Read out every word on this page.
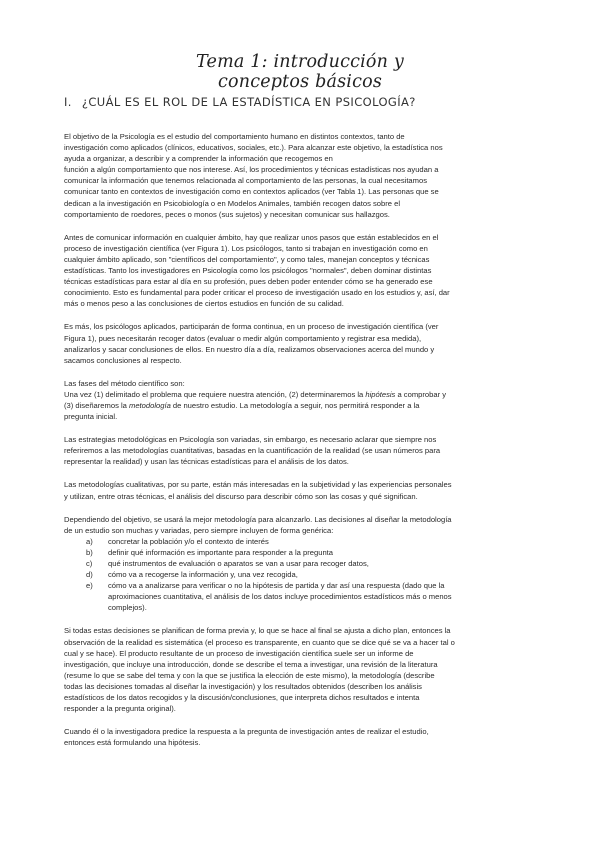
Tema 1: introducción y conceptos básicos
I. ¿CUÁL ES EL ROL DE LA ESTADÍSTICA EN PSICOLOGÍA?

El objetivo de la Psicología es el estudio del comportamiento humano en distintos contextos, tanto de
investigación como aplicados (clínicos, educativos, sociales, etc.). Para alcanzar este objetivo, la estadística nos
ayuda a organizar, a describir y a comprender la información que recogemos en
función a algún comportamiento que nos interese. Así, los procedimientos y técnicas estadísticas nos ayudan a
comunicar la información que tenemos relacionada al comportamiento de las personas, la cual necesitamos
comunicar tanto en contextos de investigación como en contextos aplicados (ver Tabla 1). Las personas que se
dedican a la investigación en Psicobiología o en Modelos Animales, también recogen datos sobre el
comportamiento de roedores, peces o monos (sus sujetos) y necesitan comunicar sus hallazgos.

Antes de comunicar información en cualquier ámbito, hay que realizar unos pasos que están establecidos en el
proceso de investigación científica (ver Figura 1). Los psicólogos, tanto si trabajan en investigación como en
cualquier ámbito aplicado, son "científicos del comportamiento", y como tales, manejan conceptos y técnicas
estadísticas. Tanto los investigadores en Psicología como los psicólogos "normales", deben dominar distintas
técnicas estadísticas para estar al día en su profesión, pues deben poder entender cómo se ha generado ese
conocimiento. Esto es fundamental para poder criticar el proceso de investigación usado en los estudios y, así, dar
más o menos peso a las conclusiones de ciertos estudios en función de su calidad.

Es más, los psicólogos aplicados, participarán de forma continua, en un proceso de investigación científica (ver
Figura 1), pues necesitarán recoger datos (evaluar o medir algún comportamiento y registrar esa medida),
analizarlos y sacar conclusiones de ellos. En nuestro día a día, realizamos observaciones acerca del mundo y
sacamos conclusiones al respecto.

Las fases del método científico son:
Una vez (1) delimitado el problema que requiere nuestra atención, (2) determinaremos la hipótesis a comprobar y
(3) diseñaremos la metodología de nuestro estudio. La metodología a seguir, nos permitirá responder a la
pregunta inicial.

Las estrategias metodológicas en Psicología son variadas, sin embargo, es necesario aclarar que siempre nos
referiremos a las metodologías cuantitativas, basadas en la cuantificación de la realidad (se usan números para
representar la realidad) y usan las técnicas estadísticas para el análisis de los datos.

Las metodologías cualitativas, por su parte, están más interesadas en la subjetividad y las experiencias personales
y utilizan, entre otras técnicas, el análisis del discurso para describir cómo son las cosas y qué significan.

Dependiendo del objetivo, se usará la mejor metodología para alcanzarlo. Las decisiones al diseñar la metodología
de un estudio son muchas y variadas, pero siempre incluyen de forma genérica:

a) concretar la población y/o el contexto de interés
b) definir qué información es importante para responder a la pregunta
c) qué instrumentos de evaluación o aparatos se van a usar para recoger datos,
d) cómo va a recogerse la información y, una vez recogida,
e) cómo va a analizarse para verificar o no la hipótesis de partida y dar así una respuesta (dado que la
aproximaciones cuantitativa, el análisis de los datos incluye procedimientos estadísticos más o menos
complejos).

Si todas estas decisiones se planifican de forma previa y, lo que se hace al final se ajusta a dicho plan, entonces la
observación de la realidad es sistemática (el proceso es transparente, en cuanto que se dice qué se va a hacer tal o
cual y se hace). El producto resultante de un proceso de investigación científica suele ser un informe de
investigación, que incluye una introducción, donde se describe el tema a investigar, una revisión de la literatura
(resume lo que se sabe del tema y con la que se justifica la elección de este mismo), la metodología (describe
todas las decisiones tomadas al diseñar la investigación) y los resultados obtenidos (describen los análisis
estadísticos de los datos recogidos y la discusión/conclusiones, que interpreta dichos resultados e intenta
responder a la pregunta original).

Cuando él o la investigadora predice la respuesta a la pregunta de investigación antes de realizar el estudio,
entonces está formulando una hipótesis.
